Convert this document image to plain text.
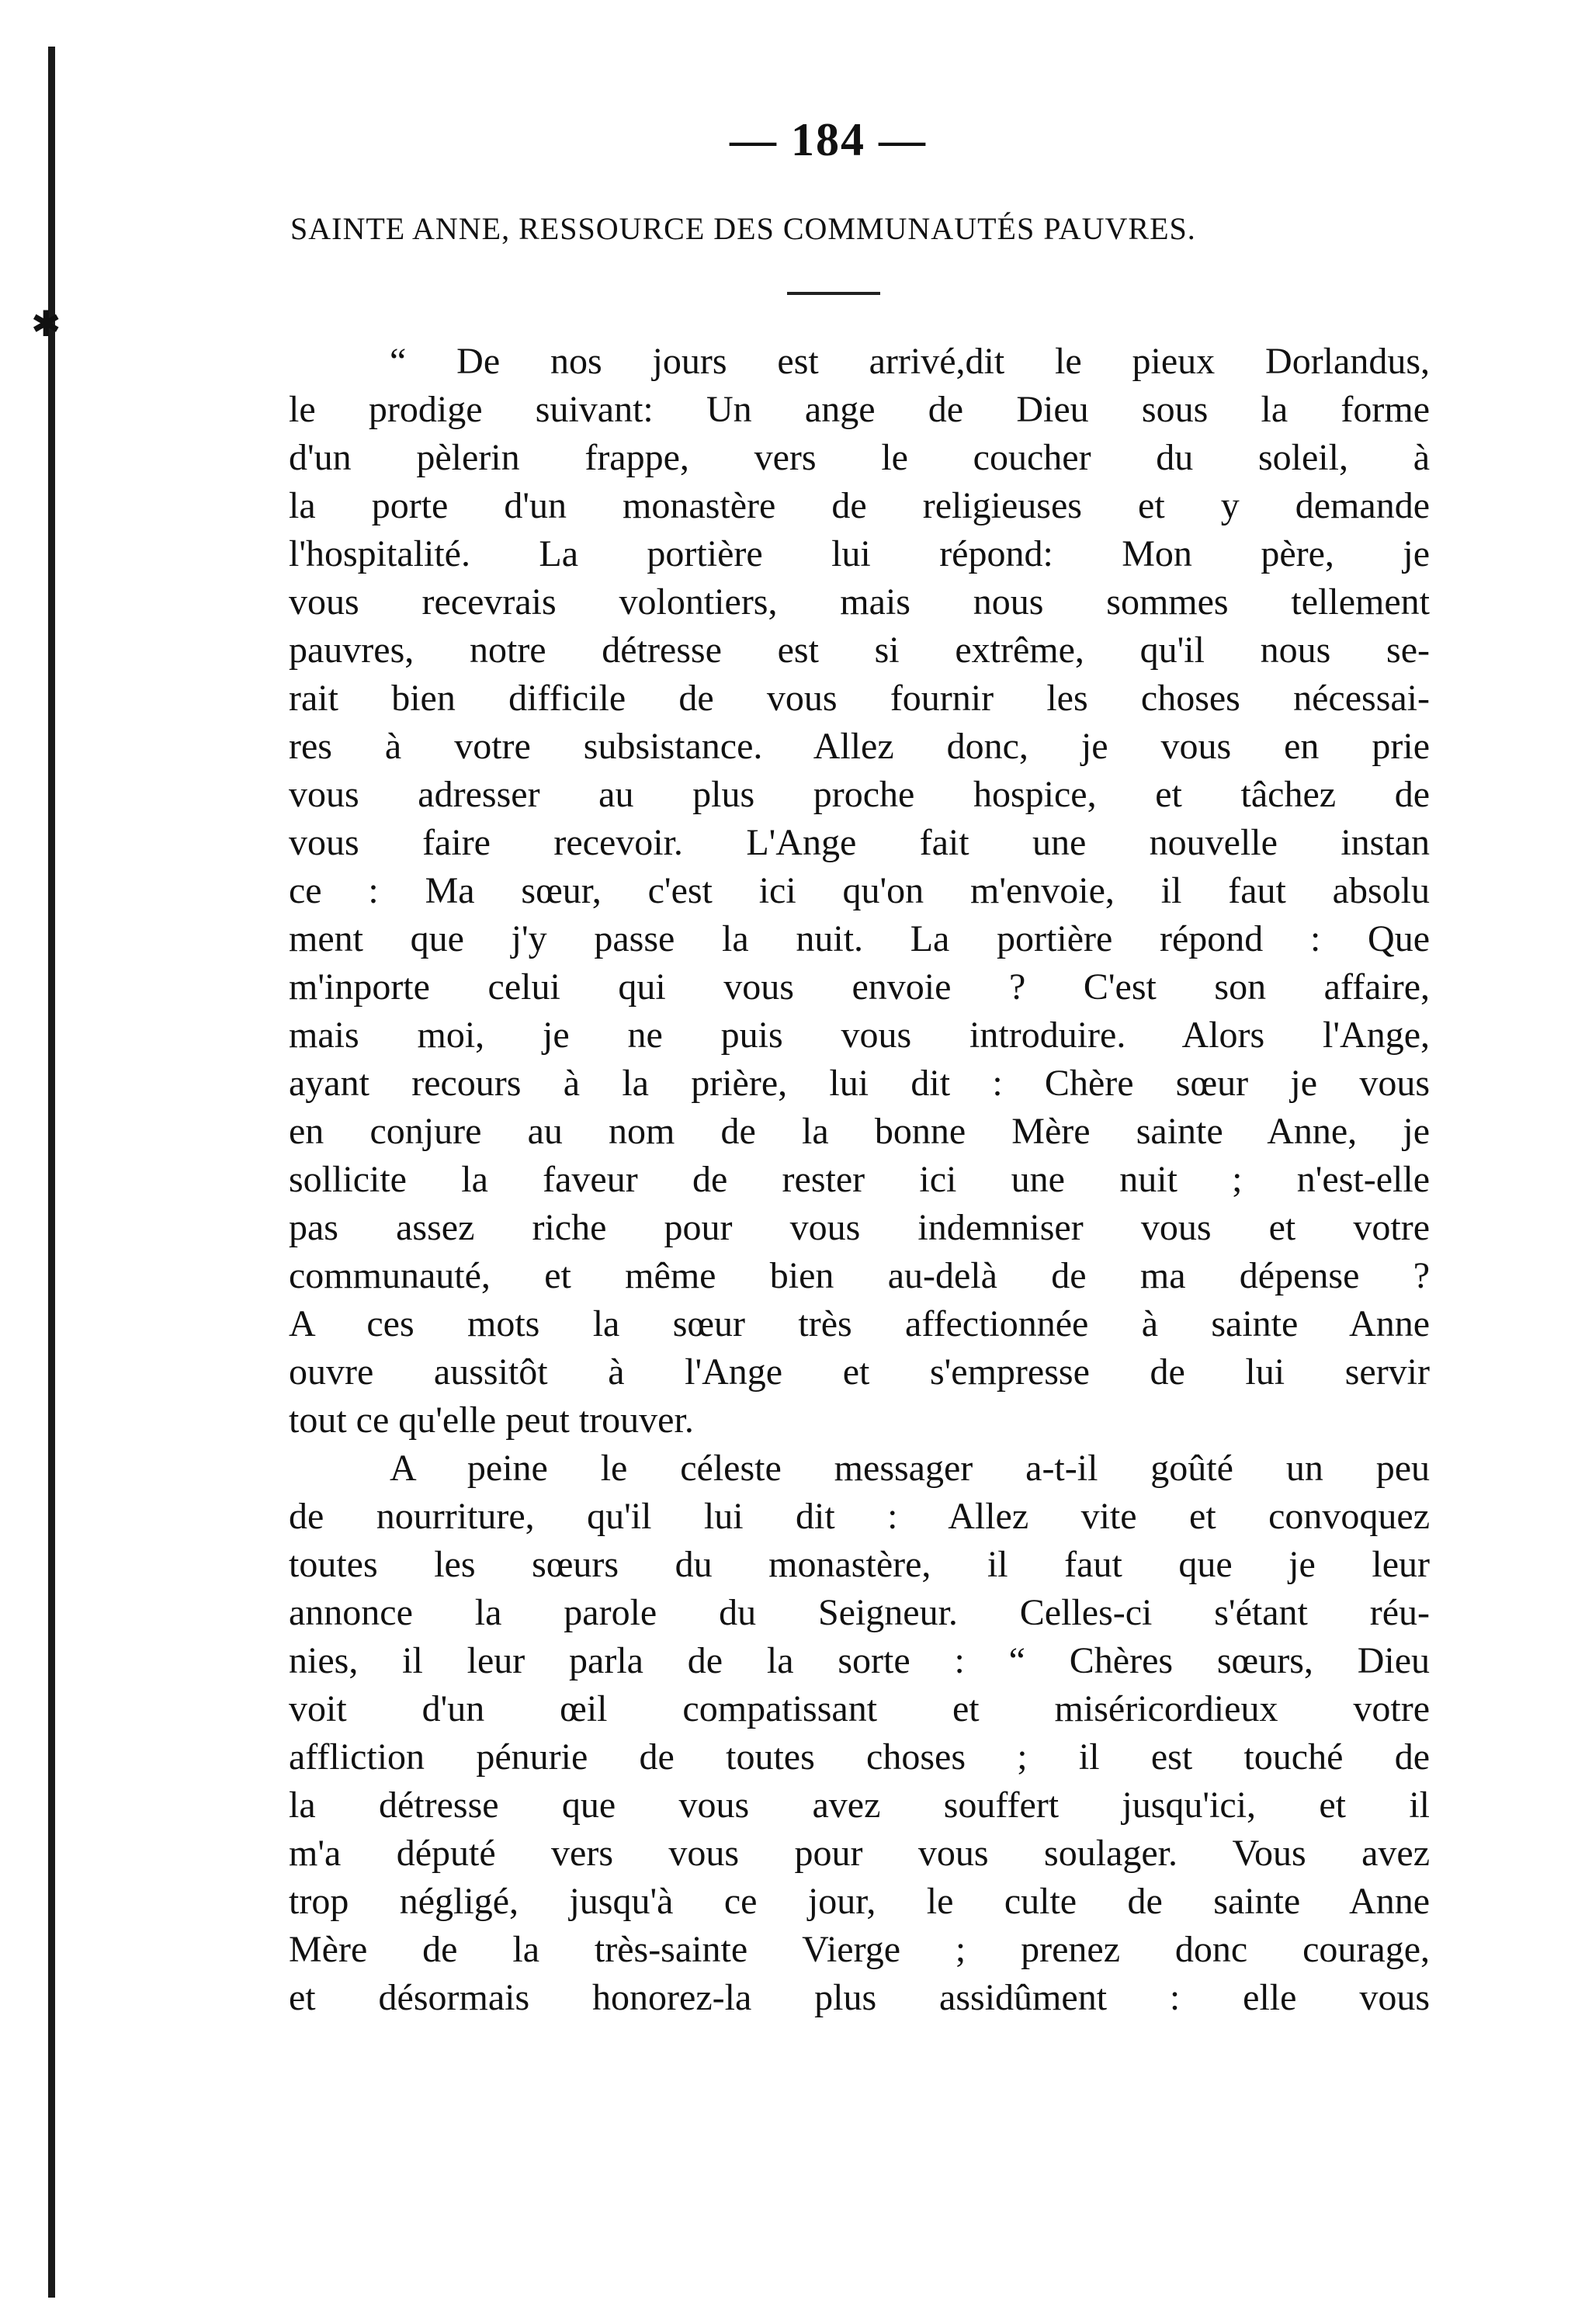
✱
— 184 —
SAINTE ANNE, RESSOURCE DES COMMUNAUTÉS PAUVRES.
“ De nos jours est arrivé,dit le pieux Dorlandus,
le prodige suivant: Un ange de Dieu sous la forme
d'un pèlerin frappe, vers le coucher du soleil, à
la porte d'un monastère de religieuses et y demande
l'hospitalité. La portière lui répond: Mon père, je
vous recevrais volontiers, mais nous sommes tellement
pauvres, notre détresse est si extrême, qu'il nous se-
rait bien difficile de vous fournir les choses nécessai-
res à votre subsistance. Allez donc, je vous en prie
vous adresser au plus proche hospice, et tâchez de
vous faire recevoir. L'Ange fait une nouvelle instan
ce : Ma sœur, c'est ici qu'on m'envoie, il faut absolu
ment que j'y passe la nuit. La portière répond : Que
m'inporte celui qui vous envoie ? C'est son affaire,
mais moi, je ne puis vous introduire. Alors l'Ange,
ayant recours à la prière, lui dit : Chère sœur je vous
en conjure au nom de la bonne Mère sainte Anne, je
sollicite la faveur de rester ici une nuit ; n'est-elle
pas assez riche pour vous indemniser vous et votre
communauté, et même bien au-delà de ma dépense ?
A ces mots la sœur très affectionnée à sainte Anne
ouvre aussitôt à l'Ange et s'empresse de lui servir
tout ce qu'elle peut trouver.
A peine le céleste messager a-t-il goûté un peu
de nourriture, qu'il lui dit : Allez vite et convoquez
toutes les sœurs du monastère, il faut que je leur
annonce la parole du Seigneur. Celles-ci s'étant réu-
nies, il leur parla de la sorte : “ Chères sœurs, Dieu
voit d'un œil compatissant et miséricordieux votre
affliction pénurie de toutes choses ; il est touché de
la détresse que vous avez souffert jusqu'ici, et il
m'a député vers vous pour vous soulager. Vous avez
trop négligé, jusqu'à ce jour, le culte de sainte Anne
Mère de la très-sainte Vierge ; prenez donc courage,
et désormais honorez-la plus assidûment : elle vous
